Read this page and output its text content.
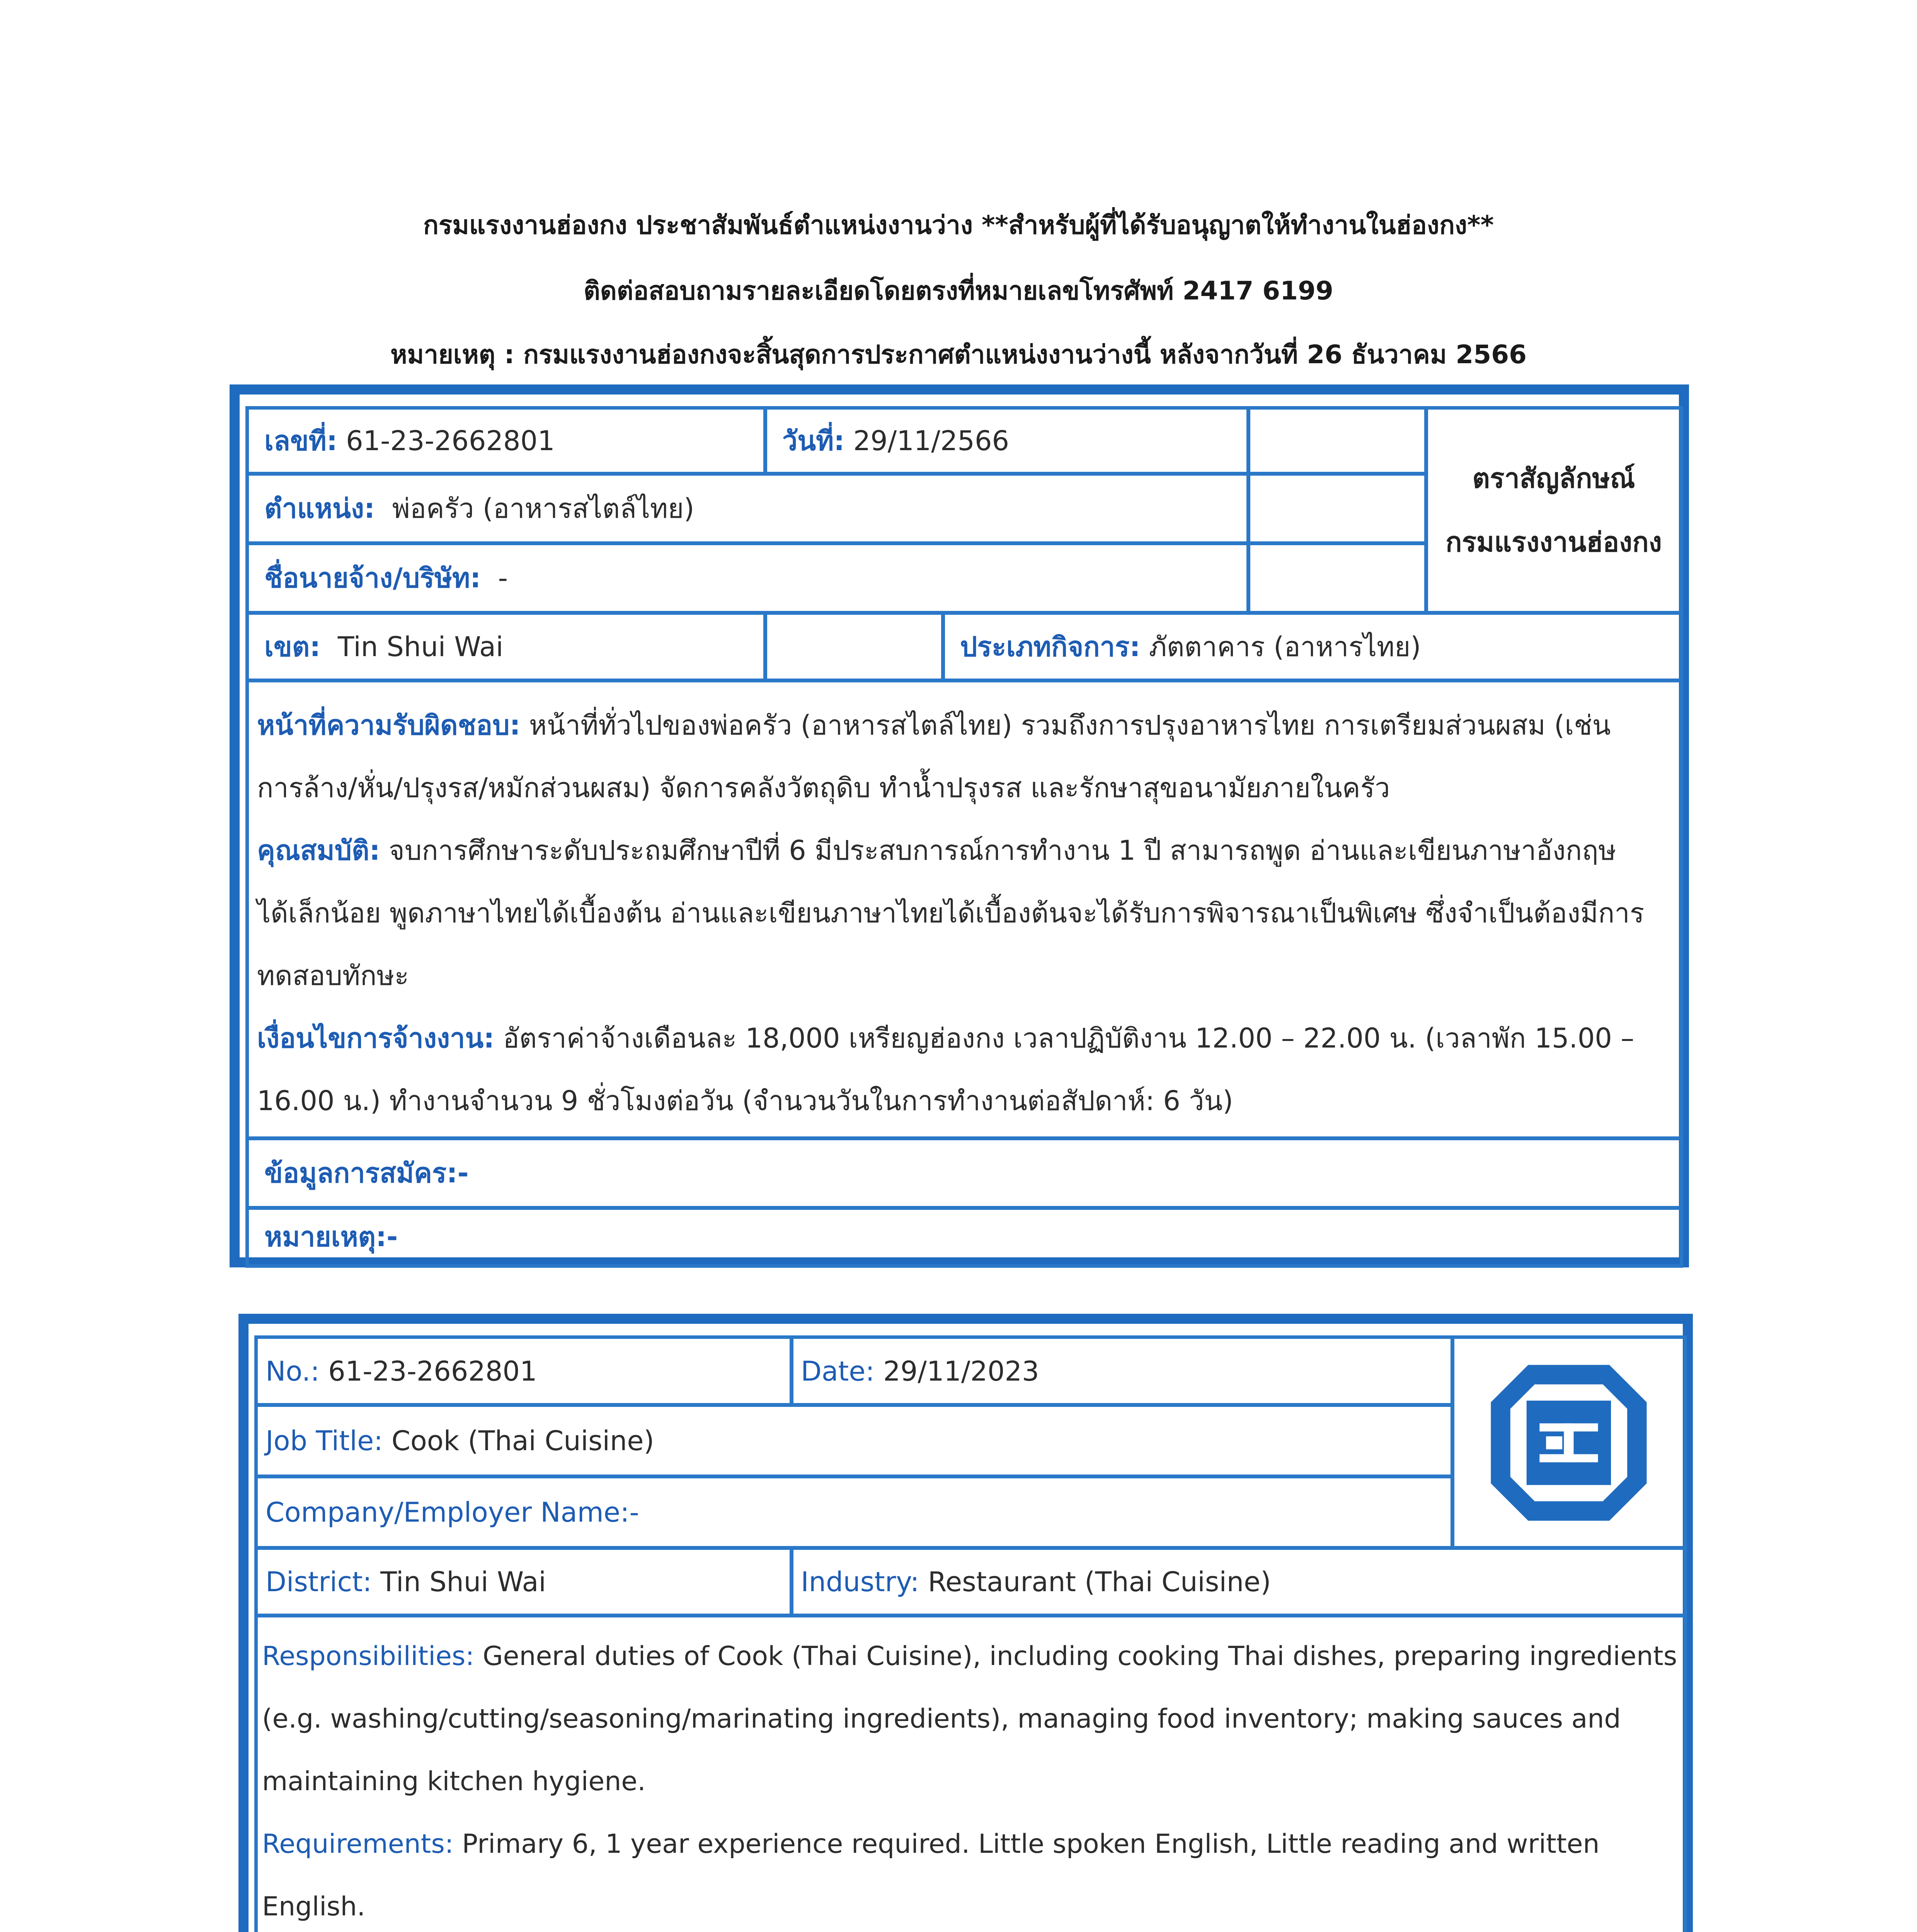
กรมแรงงานฮ่องกง ประชาสัมพันธ์ตำแหน่งงานว่าง **สำหรับผู้ที่ได้รับอนุญาตให้ทำงานในฮ่องกง**
ติดต่อสอบถามรายละเอียดโดยตรงที่หมายเลขโทรศัพท์ 2417 6199
หมายเหตุ : กรมแรงงานฮ่องกงจะสิ้นสุดการประกาศตำแหน่งงานว่างนี้ หลังจากวันที่ 26 ธันวาคม 2566
เลขที่:
61-23-2662801	วันที่:
29/11/2566
ตราสัญลักษณ์
กรมแรงงานฮ่องกง
ตำแหน่ง:
พ่อครัว (อาหารสไตล์ไทย)
ชื่อนายจ้าง/บริษัท:
-
เขต:
Tin Shui Wai	ประเภทกิจการ:
ภัตตาคาร (อาหารไทย)

หน้าที่ความรับผิดชอบ: หน้าที่ทั่วไปของพ่อครัว (อาหารสไตล์ไทย) รวมถึงการปรุงอาหารไทย การเตรียมส่วนผสม (เช่น

การล้าง/หั่น/ปรุงรส/หมักส่วนผสม) จัดการคลังวัตถุดิบ ทำน้ำปรุงรส และรักษาสุขอนามัยภายในครัว

คุณสมบัติ: จบการศึกษาระดับประถมศึกษาปีที่ 6 มีประสบการณ์การทำงาน 1 ปี สามารถพูด อ่านและเขียนภาษาอังกฤษ

ได้เล็กน้อย พูดภาษาไทยได้เบื้องต้น อ่านและเขียนภาษาไทยได้เบื้องต้นจะได้รับการพิจารณาเป็นพิเศษ ซึ่งจำเป็นต้องมีการ

ทดสอบทักษะ

เงื่อนไขการจ้างงาน: อัตราค่าจ้างเดือนละ 18,000 เหรียญฮ่องกง เวลาปฏิบัติงาน 12.00 – 22.00 น. (เวลาพัก 15.00 –

16.00 น.) ทำงานจำนวน 9 ชั่วโมงต่อวัน (จำนวนวันในการทำงานต่อสัปดาห์: 6 วัน)

ข้อมูลการสมัคร:-
หมายเหตุ:-
No.:
61-23-2662801	Date:
29/11/2023
Job Title:
Cook (Thai Cuisine)
Company/Employer Name:-
District:
Tin Shui Wai	Industry:
Restaurant (Thai Cuisine)

Responsibilities: General duties of Cook (Thai Cuisine), including cooking Thai dishes, preparing ingredients

(e.g. washing/cutting/seasoning/marinating ingredients), managing food inventory; making sauces and

maintaining kitchen hygiene.

Requirements: Primary 6, 1 year experience required. Little spoken English, Little reading and written English.
